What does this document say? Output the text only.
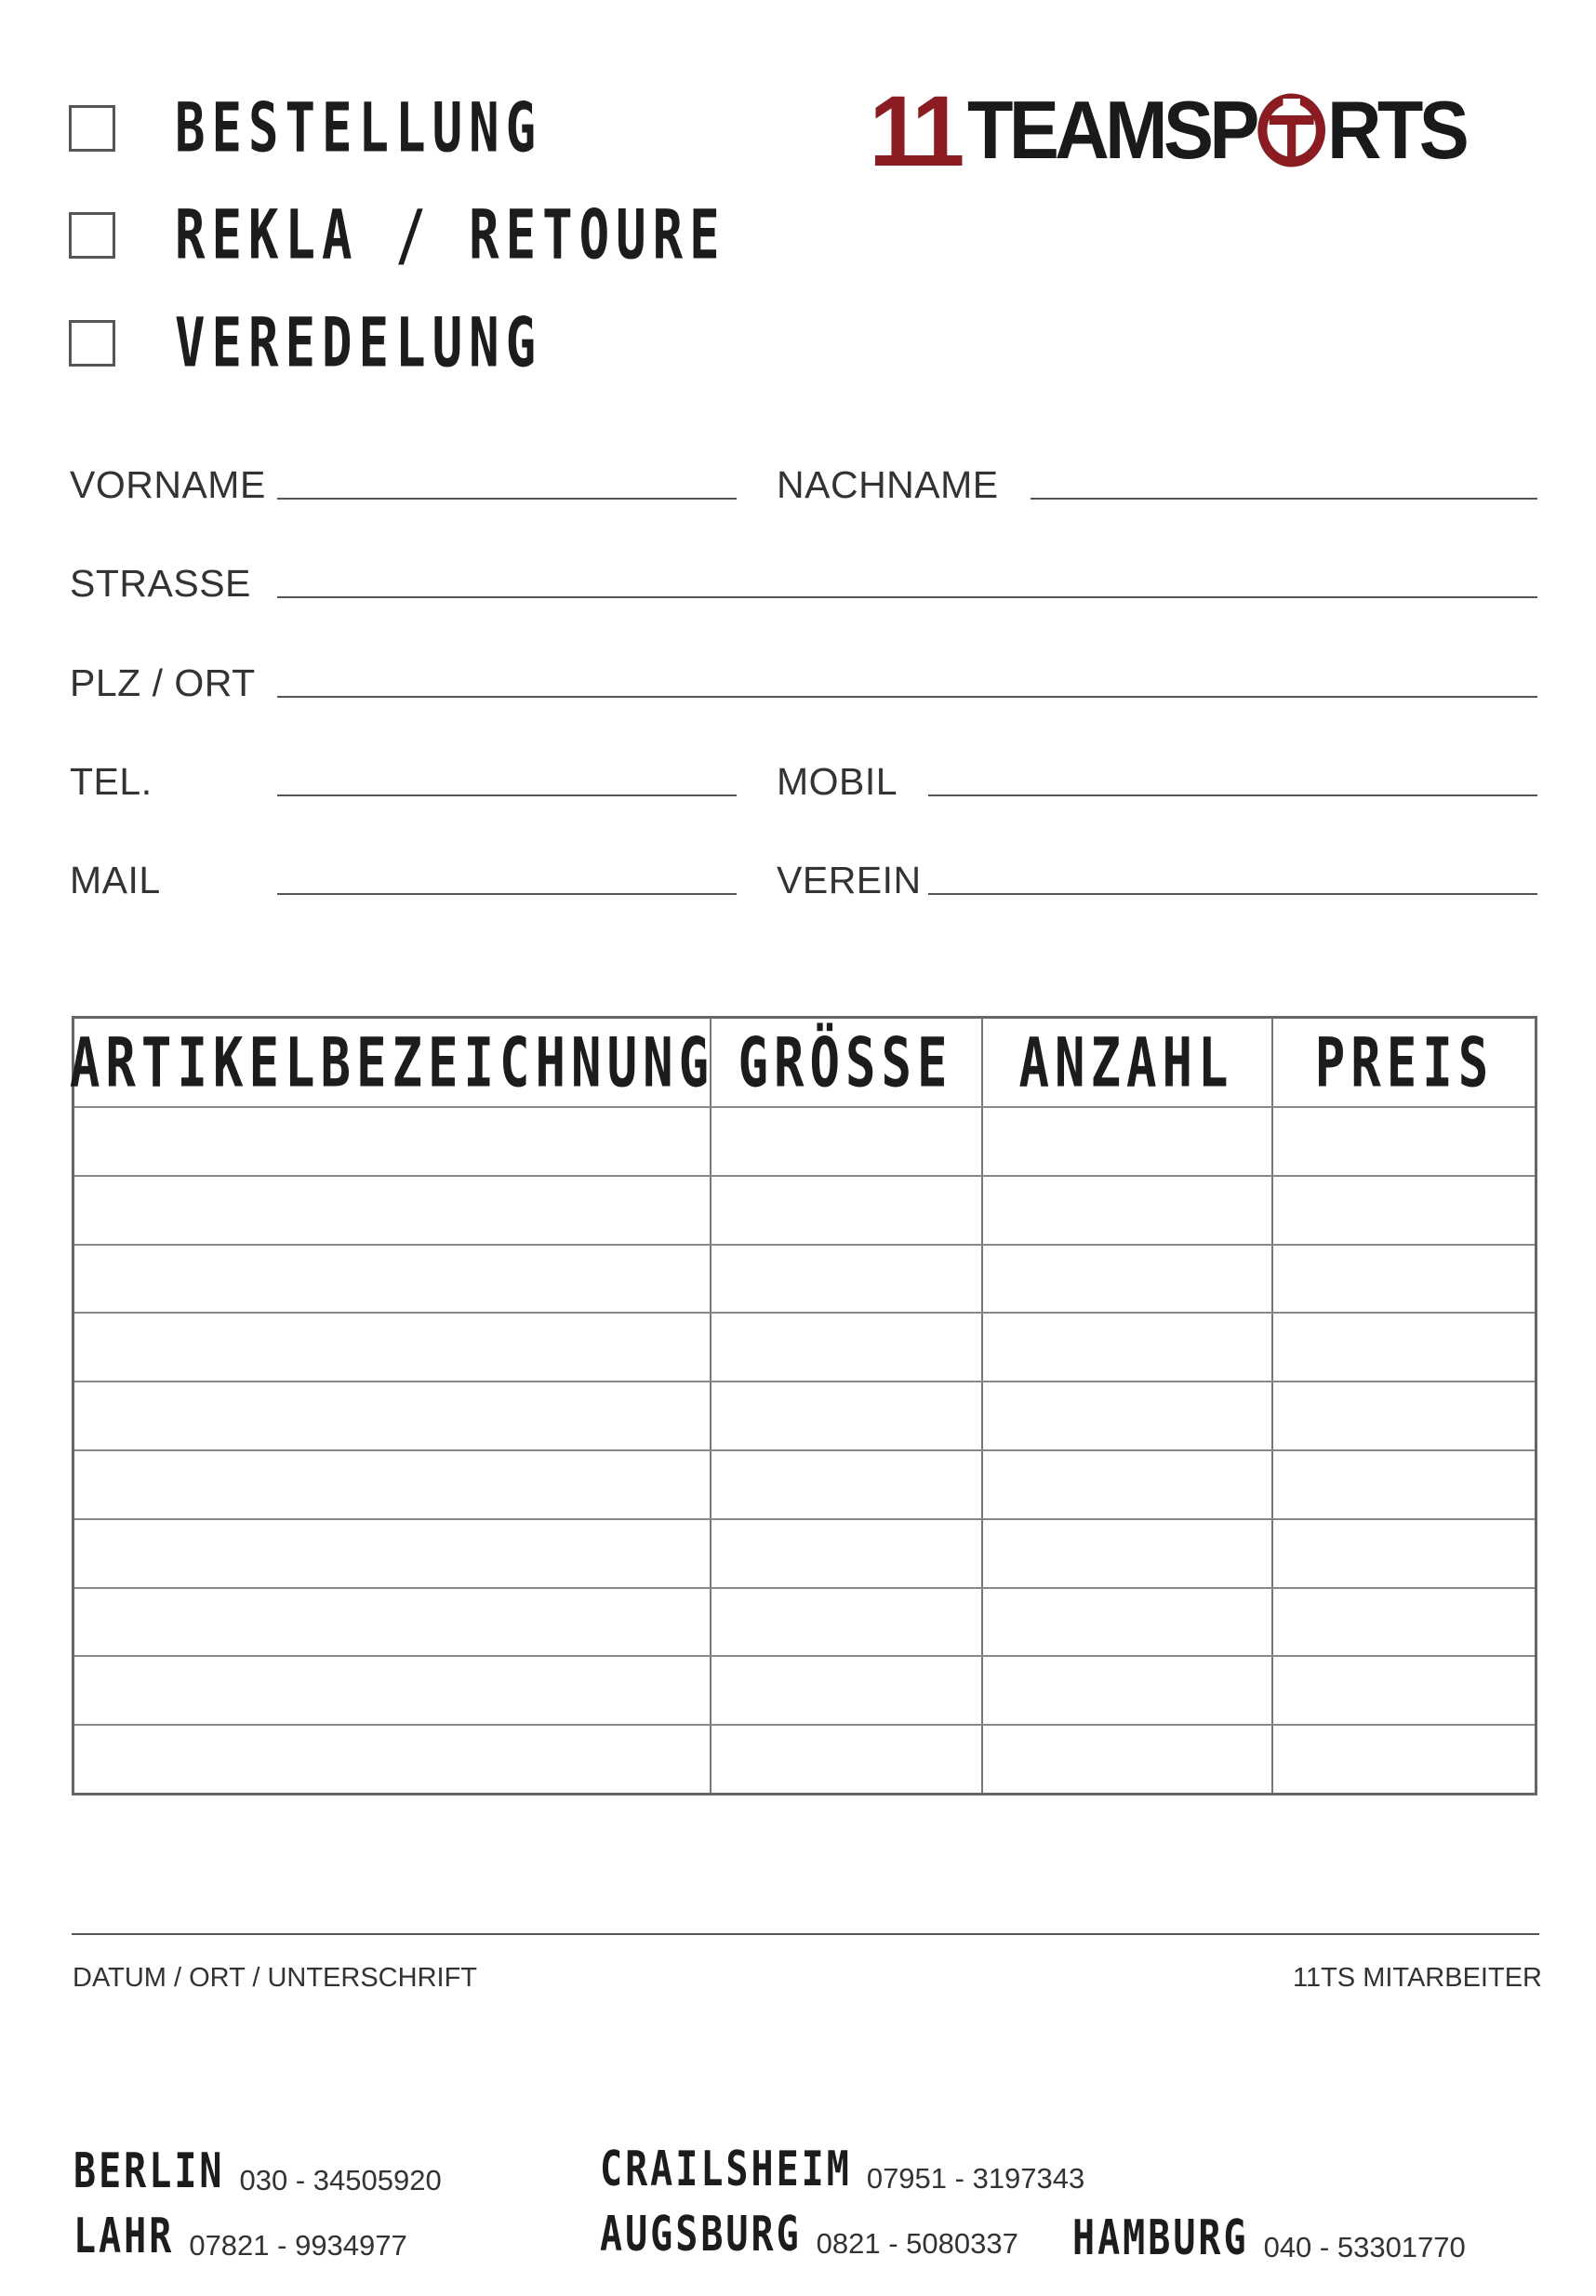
BESTELLUNG
REKLA / RETOURE
VEREDELUNG
11 TEAMSP RTS
VORNAME	NACHNAME
STRASSE
PLZ / ORT
TEL.	MOBIL
MAIL	VEREIN
ARTIKELBEZEICHNUNG GRÖSSE ANZAHL PREIS
DATUM / ORT / UNTERSCHRIFT	11TS MITARBEITER
BERLIN 030 - 34505920	CRAILSHEIM 07951 - 3197343
LAHR 07821 - 9934977	AUGSBURG 0821 - 5080337 HAMBURG 040 - 53301770
